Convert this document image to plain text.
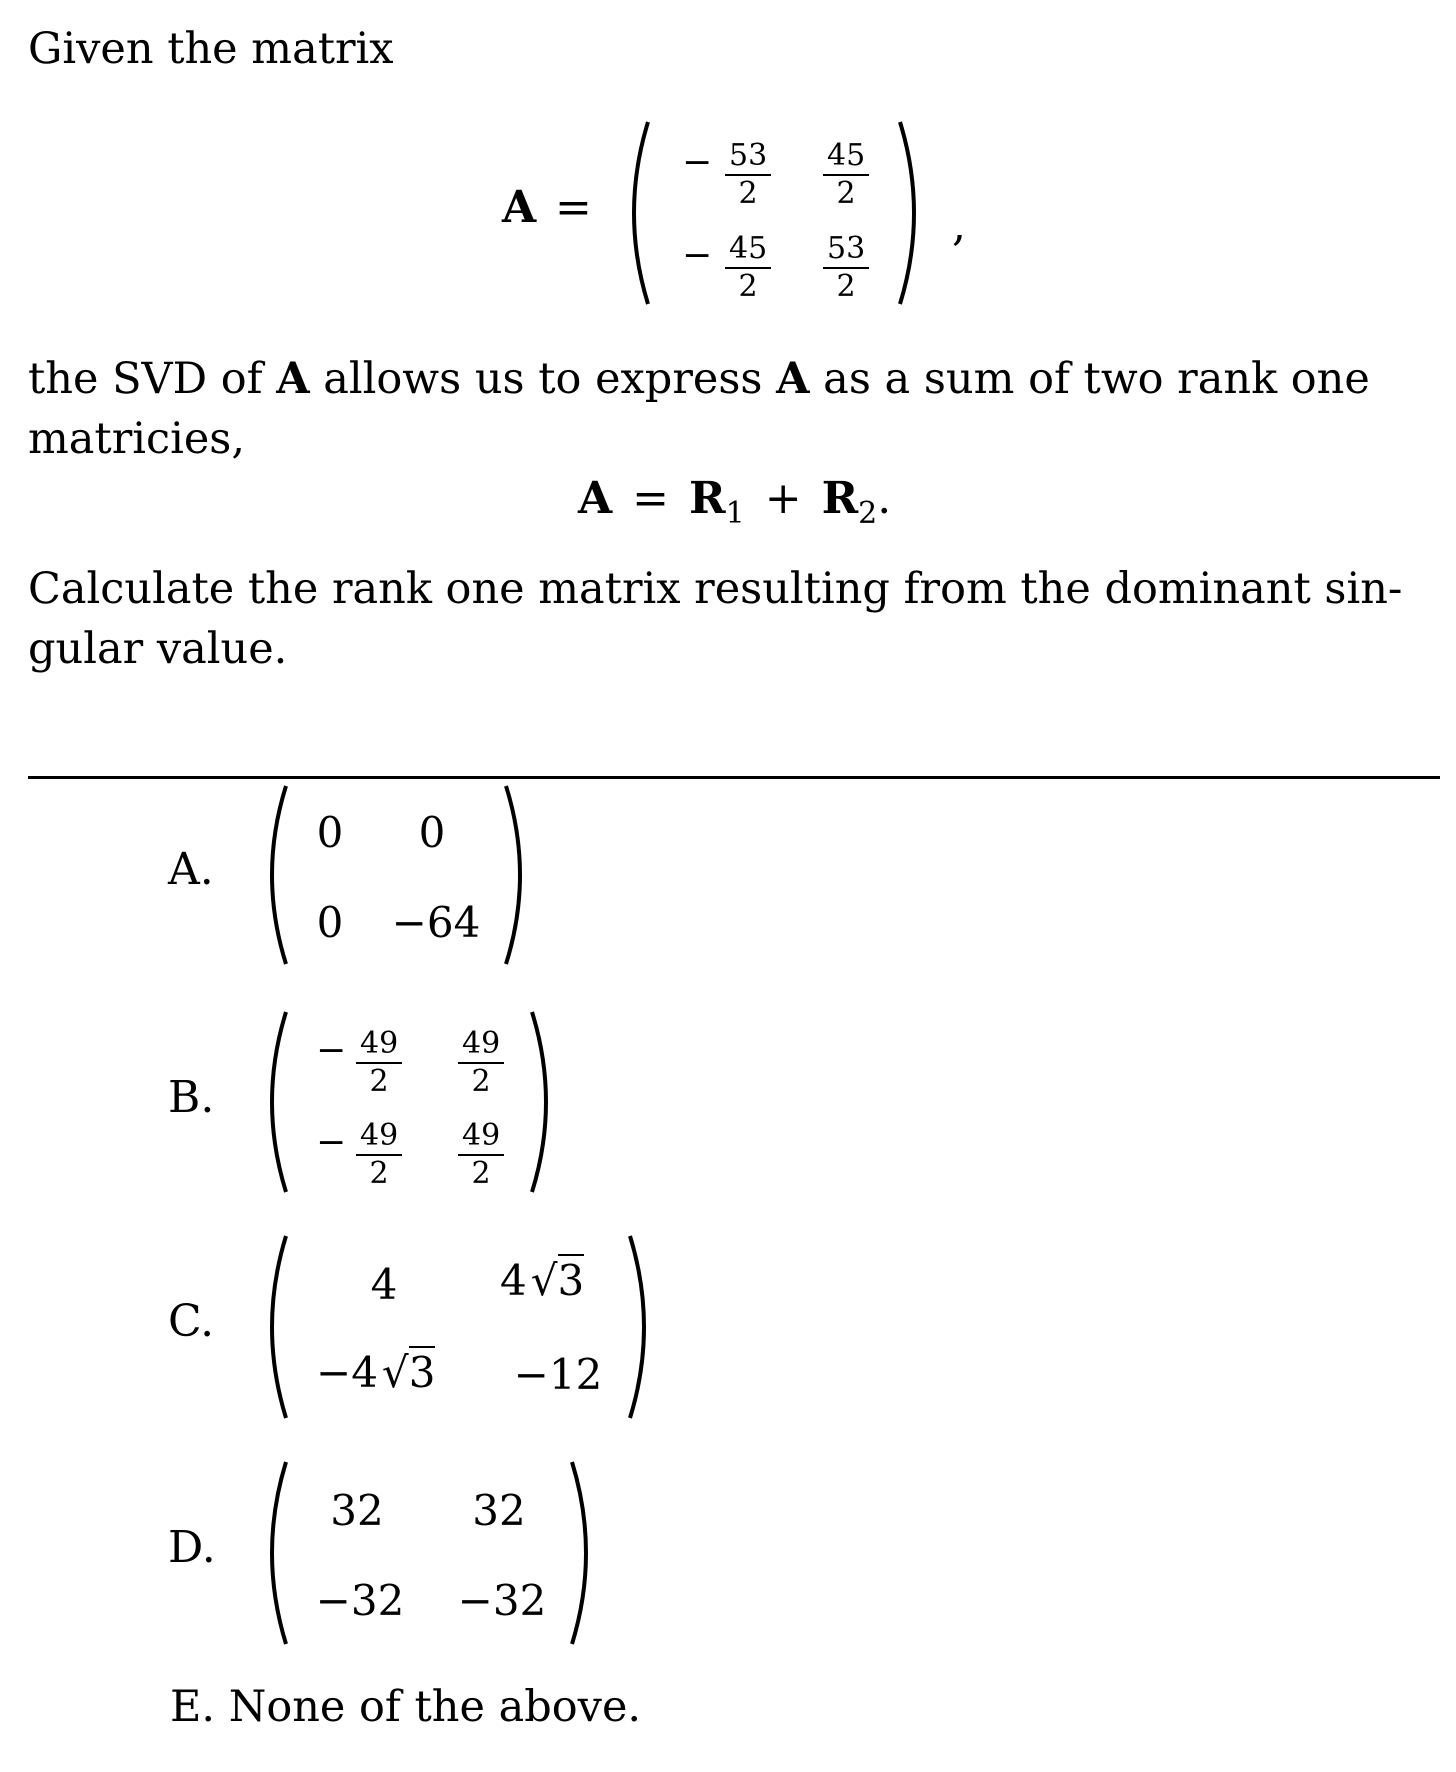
Given the matrix
A =
− $\frac{53}{2} \frac{45}{2}$
− $\frac{45}{2} \frac{53}{2}$
,
the SVD of A allows us to express A as a sum of two rank one
matricies,
$A = R_1 + R_2$.
Calculate the rank one matrix resulting from the dominant sin-
gular value.
A.
0 0
0 −64
B.
− $\frac{49}{2} \frac{49}{2}$
− $\frac{49}{2} \frac{49}{2}$
C.
4 4√3
−4√3 −12
D.
32 32
−32 −32
E. None of the above.
